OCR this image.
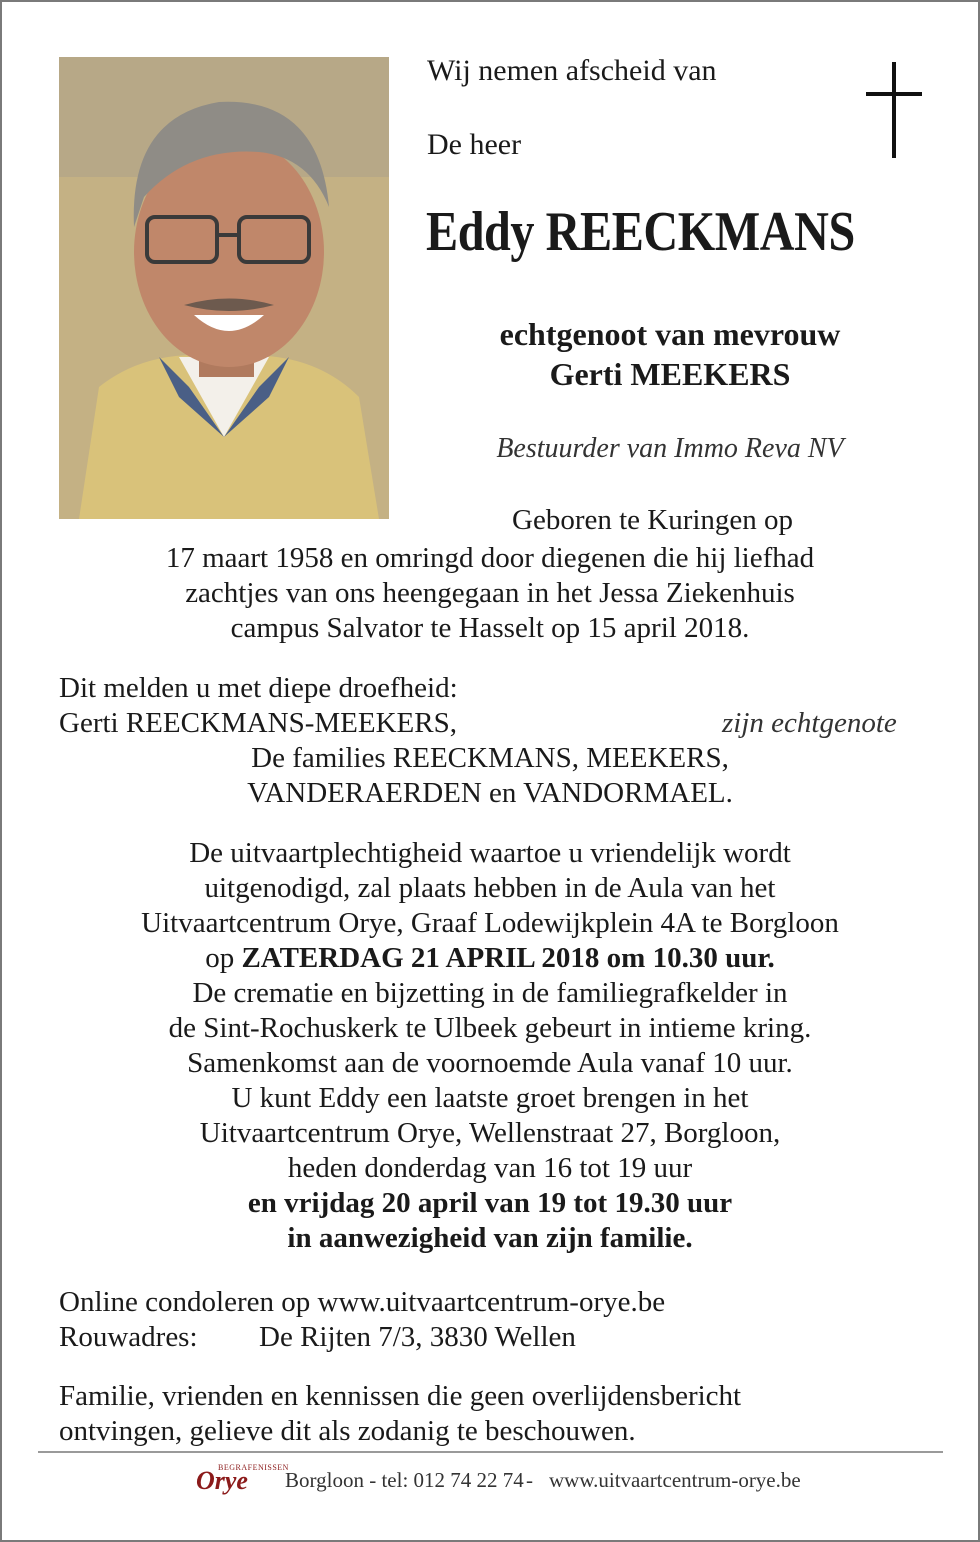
Wij nemen afscheid van
De heer
Eddy REECKMANS
echtgenoot van mevrouw
Gerti MEEKERS
Bestuurder van Immo Reva NV
Geboren te Kuringen op
17 maart 1958 en omringd door diegenen die hij liefhad
zachtjes van ons heengegaan in het Jessa Ziekenhuis
campus Salvator te Hasselt op 15 april 2018.
Dit melden u met diepe droefheid:
Gerti REECKMANS-MEEKERS,	zijn echtgenote
De families REECKMANS, MEEKERS,
VANDERAERDEN en VANDORMAEL.
De uitvaartplechtigheid waartoe u vriendelijk wordt
uitgenodigd, zal plaats hebben in de Aula van het
Uitvaartcentrum Orye, Graaf Lodewijkplein 4A te Borgloon
op ZATERDAG 21 APRIL 2018 om 10.30 uur.
De crematie en bijzetting in de familiegrafkelder in
de Sint-Rochuskerk te Ulbeek gebeurt in intieme kring.
Samenkomst aan de voornoemde Aula vanaf 10 uur.
U kunt Eddy een laatste groet brengen in het
Uitvaartcentrum Orye, Wellenstraat 27, Borgloon,
heden donderdag van 16 tot 19 uur
en vrijdag 20 april van 19 tot 19.30 uur
in aanwezigheid van zijn familie.
Online condoleren op www.uitvaartcentrum-orye.be
Rouwadres: De Rijten 7/3, 3830 Wellen
Familie, vrienden en kennissen die geen overlijdensbericht
ontvingen, gelieve dit als zodanig te beschouwen.
BEGRAFENISSEN
Orye Borgloon - tel: 012 74 22 74 - www.uitvaartcentrum-orye.be
